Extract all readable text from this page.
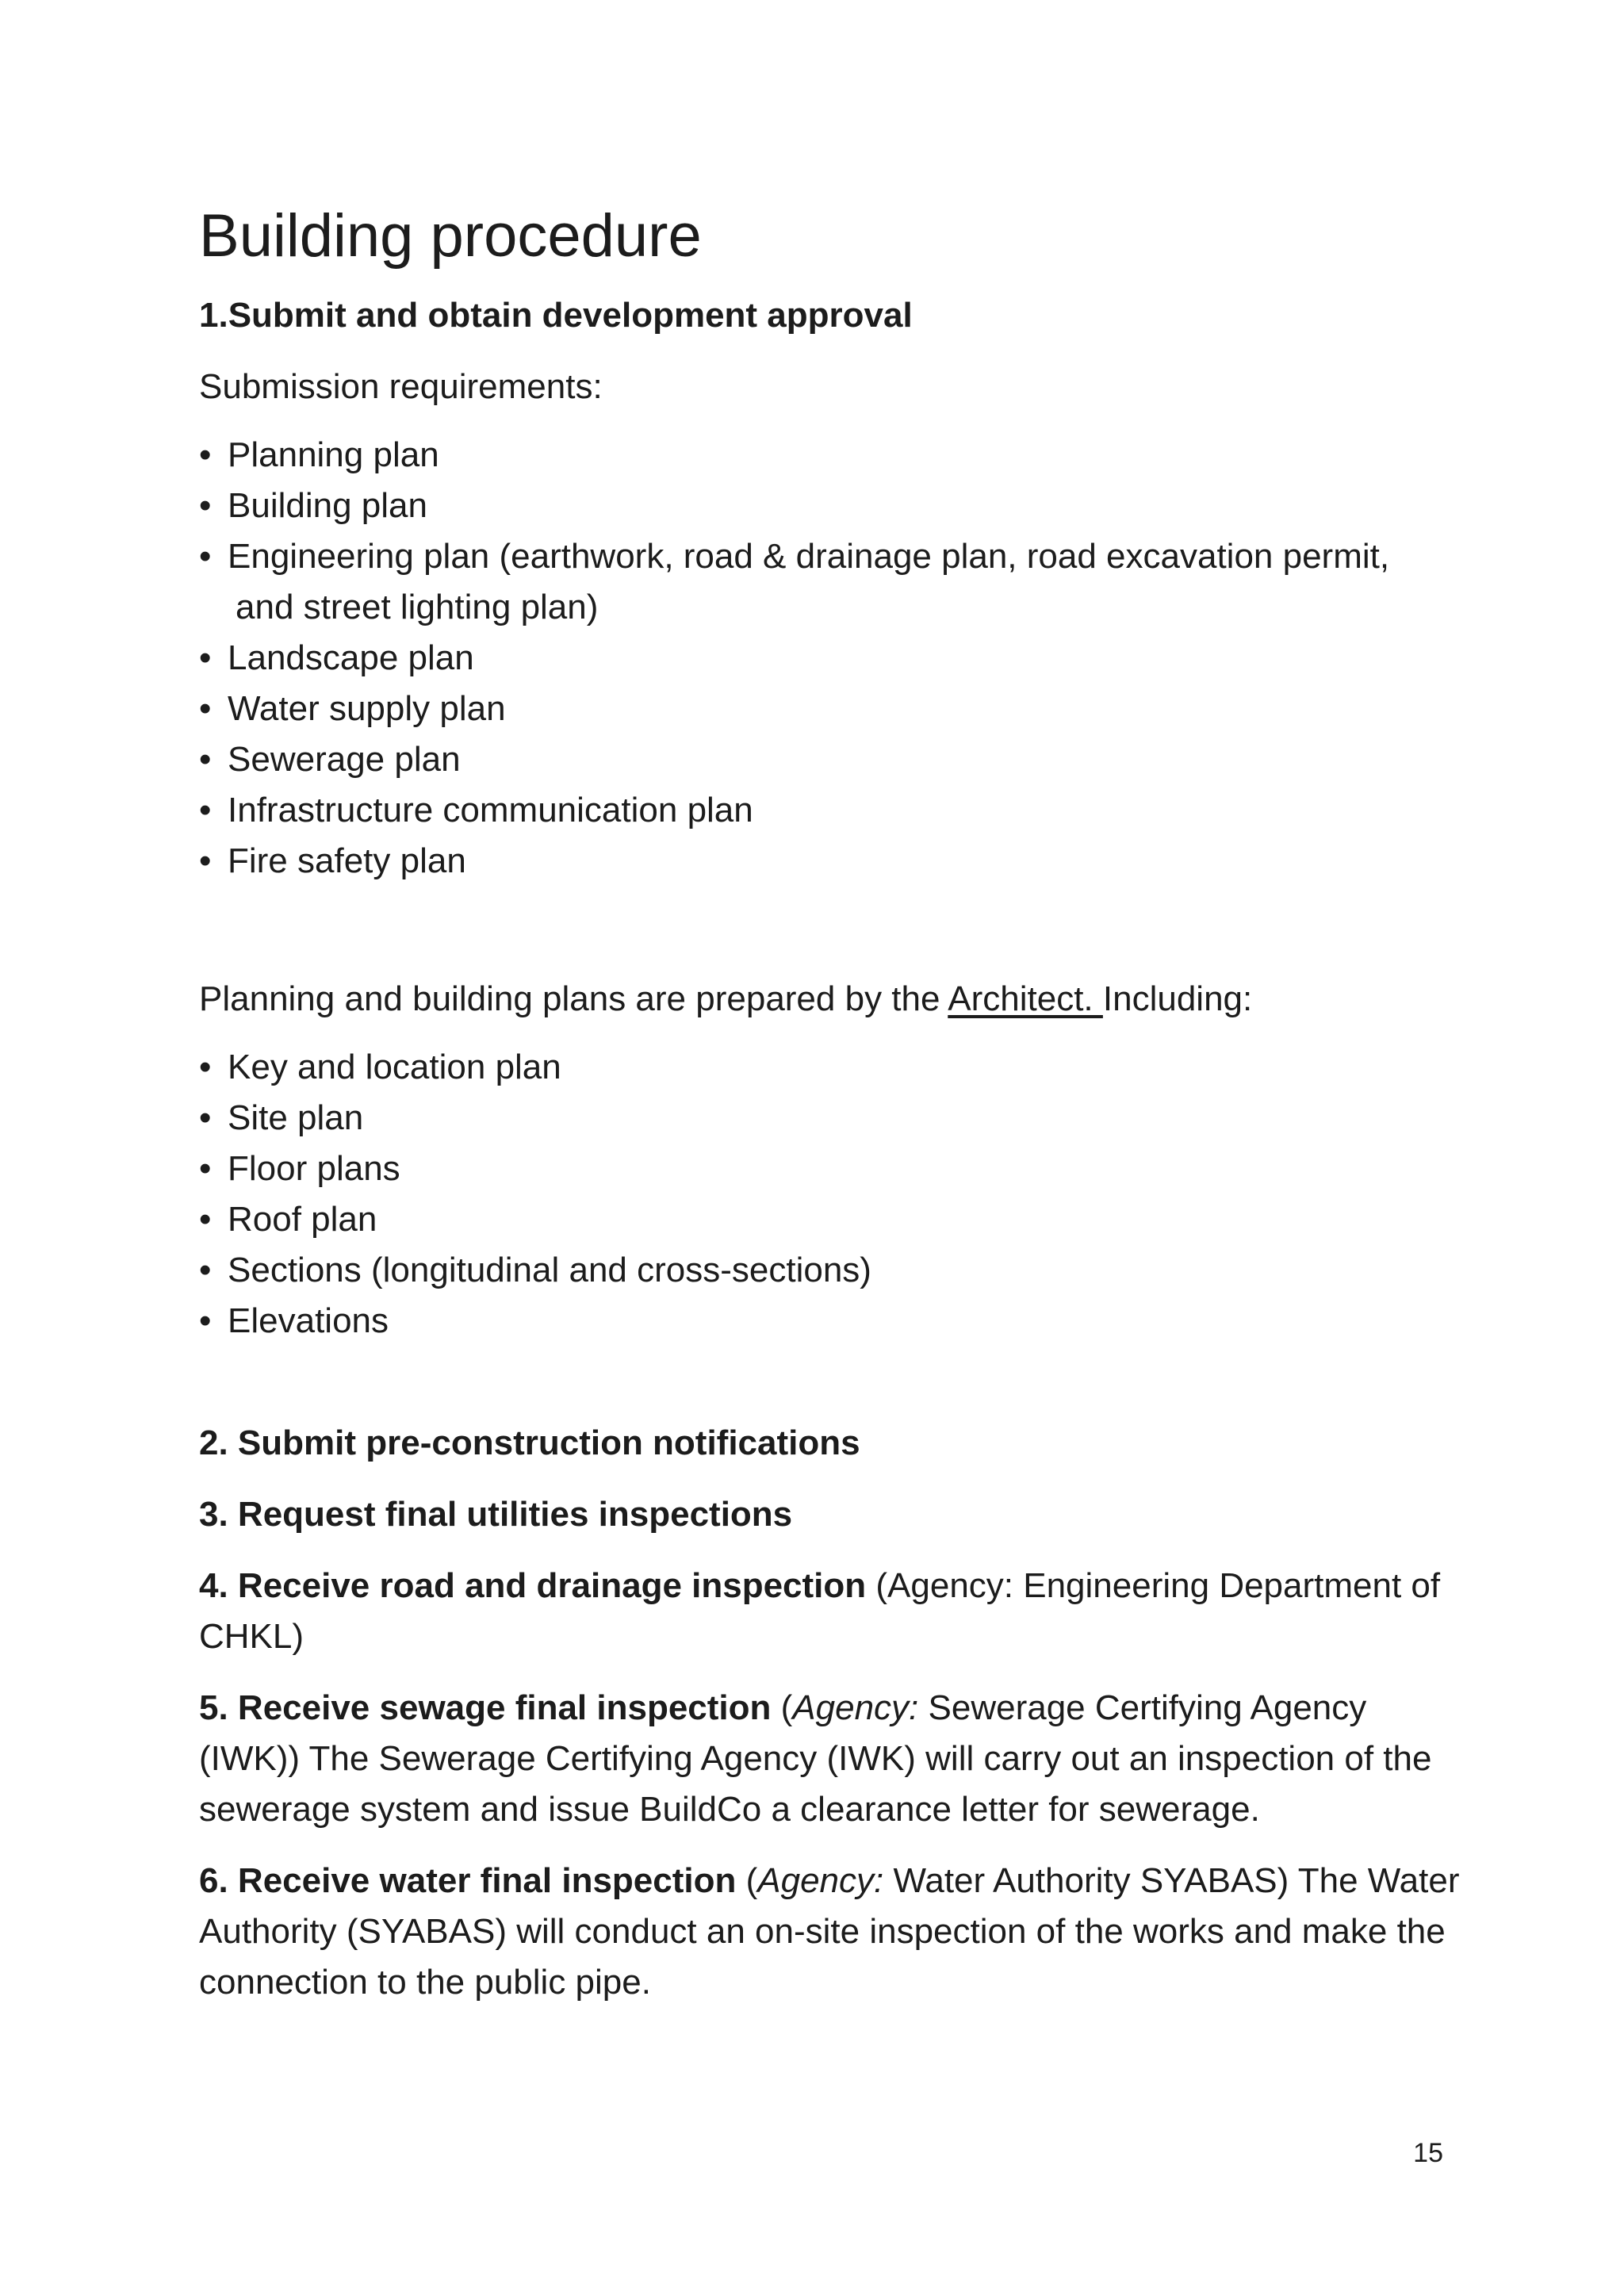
Building procedure
1.Submit and obtain development approval
Submission requirements:
• Planning plan
• Building plan
• Engineering plan (earthwork, road & drainage plan, road excavation permit,
and street lighting plan)
• Landscape plan
• Water supply plan
• Sewerage plan
• Infrastructure communication plan
• Fire safety plan
Planning and building plans are prepared by the Architect. Including:
• Key and location plan
• Site plan
• Floor plans
• Roof plan
• Sections (longitudinal and cross-sections)
• Elevations
2. Submit pre-construction notifications
3. Request final utilities inspections
4. Receive road and drainage inspection (Agency: Engineering Department of CHKL)
5. Receive sewage final inspection (Agency: Sewerage Certifying Agency (IWK)) The Sewerage Certifying Agency (IWK) will carry out an inspection of the sewerage system and issue BuildCo a clearance letter for sewerage.
6. Receive water final inspection (Agency: Water Authority SYABAS) The Water Authority (SYABAS) will conduct an on-site inspection of the works and make the connection to the public pipe.
15
